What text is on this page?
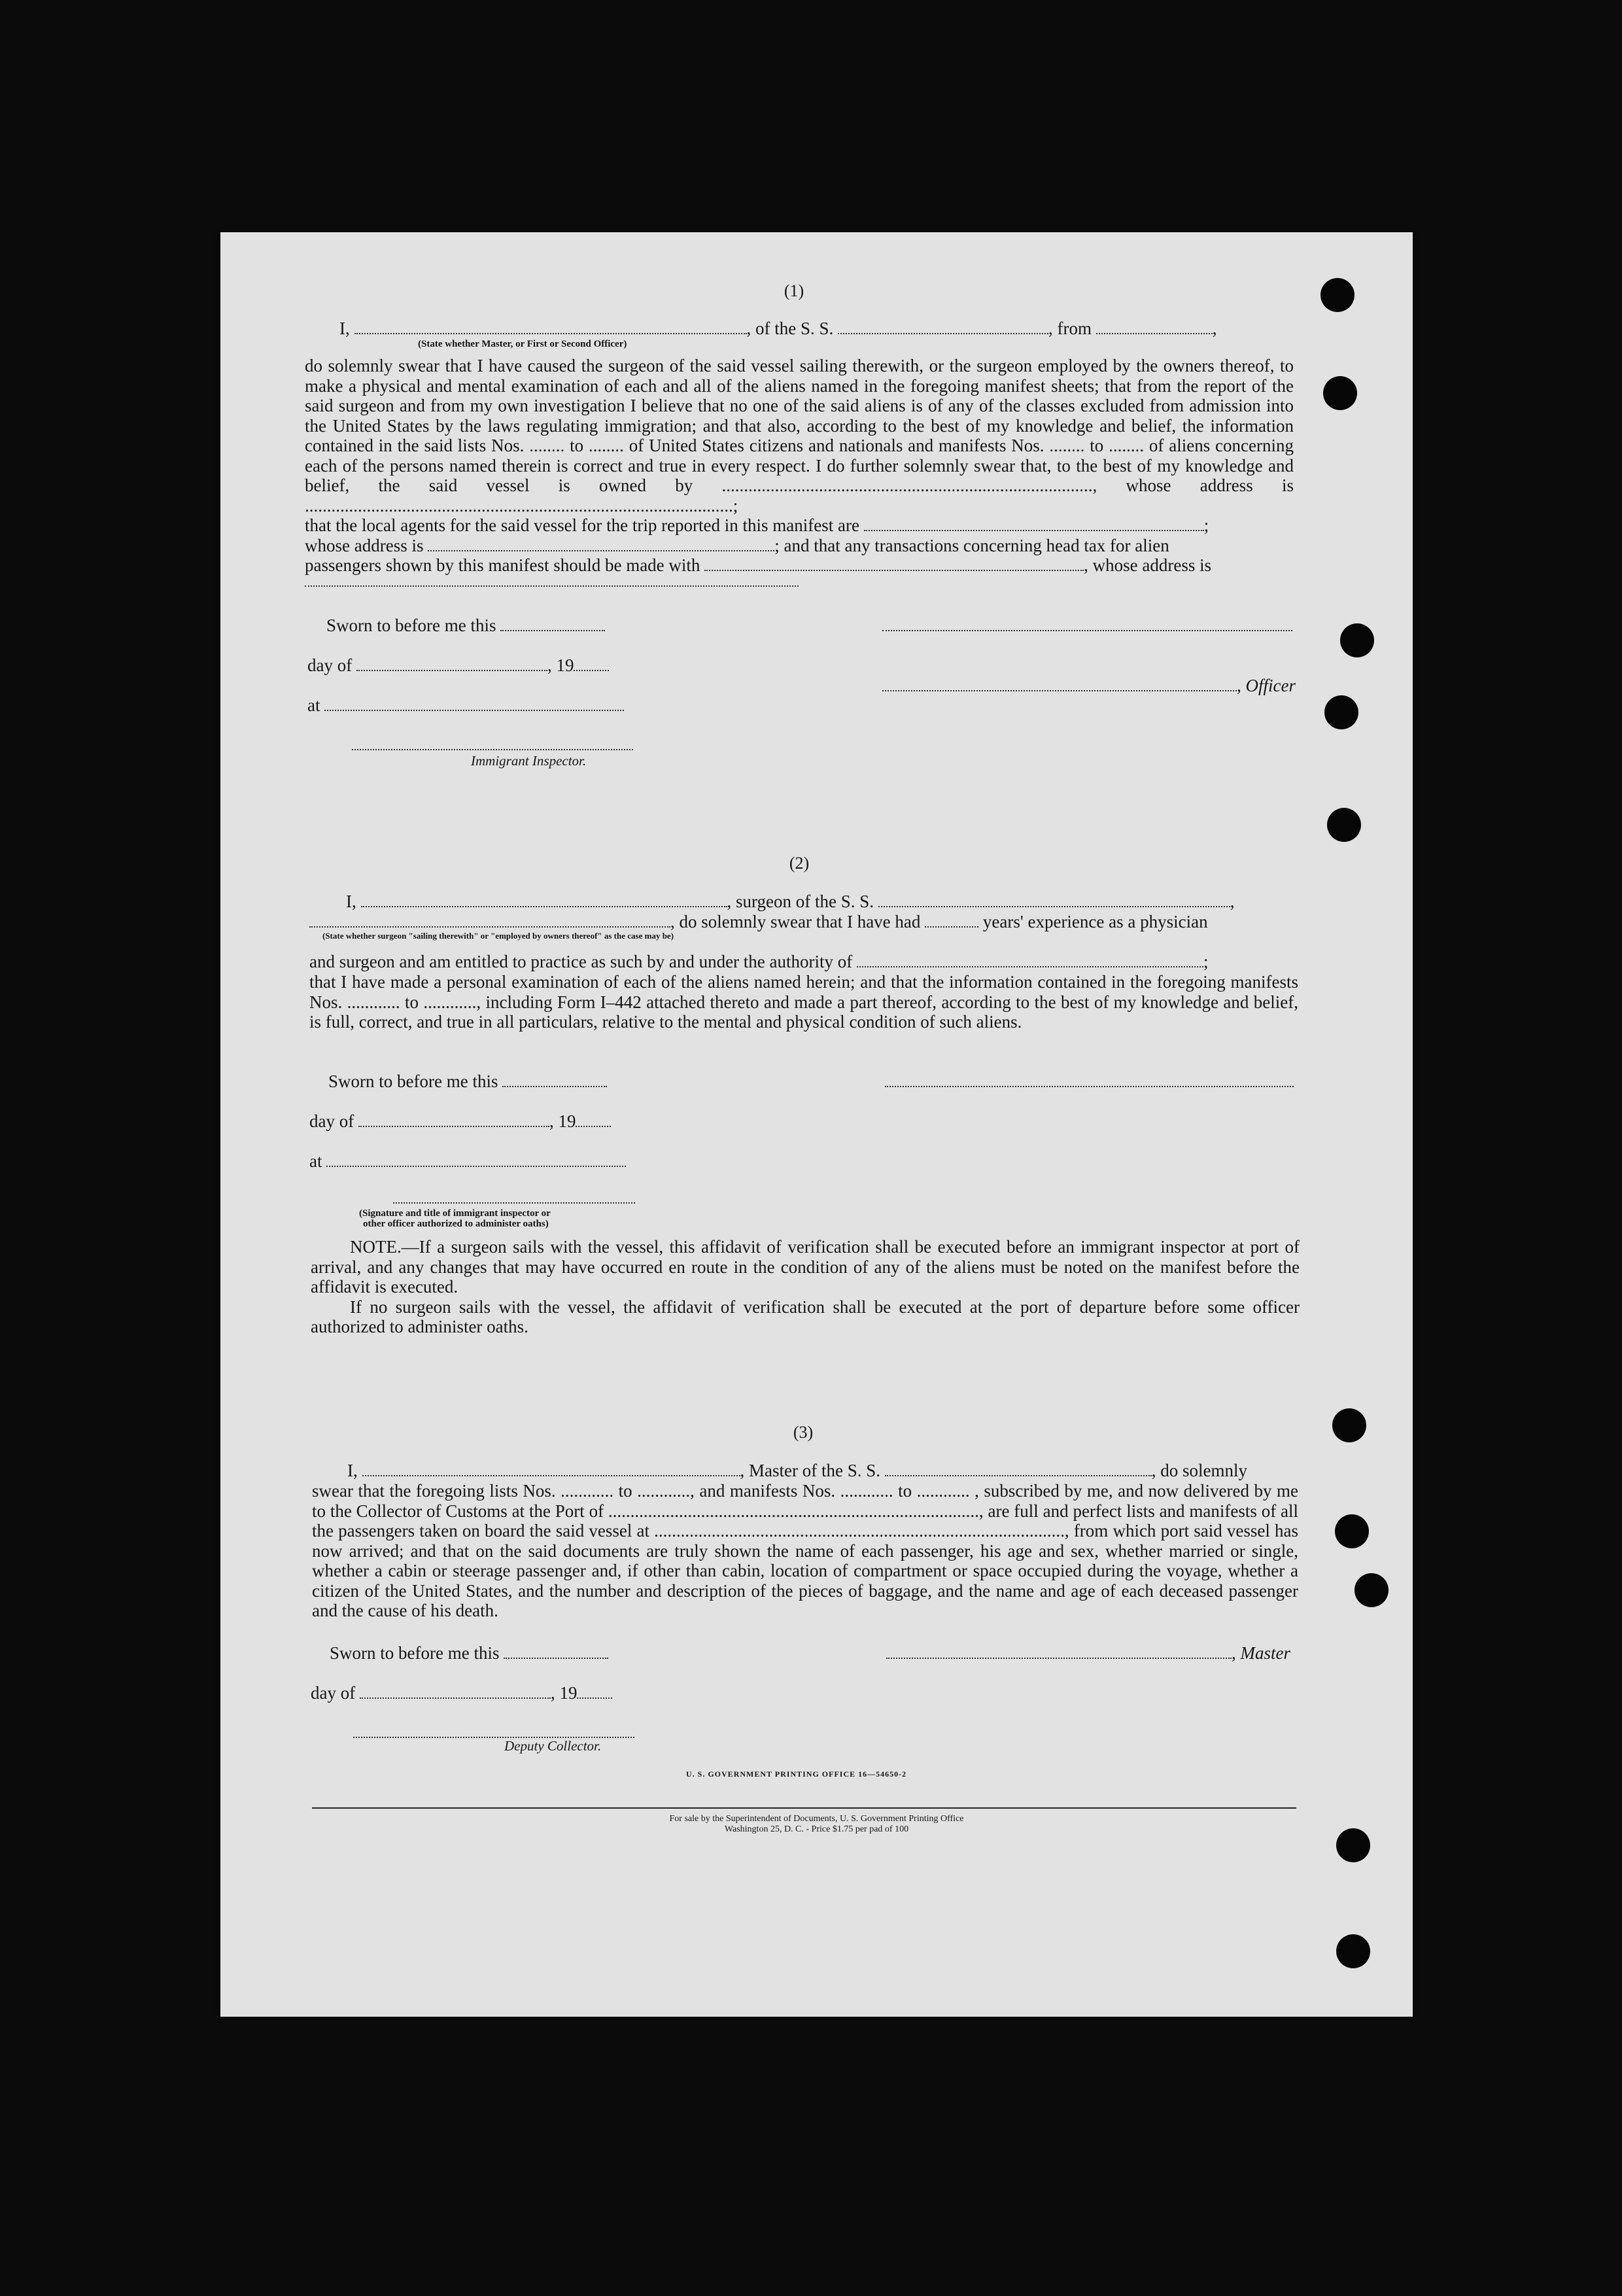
(1)
I,	, of the S. S.	, from	,
(State whether Master, or First or Second Officer)

do solemnly swear that I have caused the surgeon of the said vessel sailing therewith, or the surgeon employed by the owners thereof, to make a physical and mental examination of each and all of the aliens named in the foregoing manifest sheets; that from the report of the said surgeon and from my own investigation I believe that no one of the said aliens is of any of the classes excluded from admission into the United States by the laws regulating immigration; and that also, according to the best of my knowledge and belief, the information contained in the said lists Nos. ........ to ........ of United States citizens and nationals and manifests Nos. ........ to ........ of aliens concerning each of the persons named therein is correct and true in every respect. I do further solemnly swear that, to the best of my knowledge and belief, the said vessel is owned by ...................................................................................., whose address is .................................................................................................;

that the local agents for the said vessel for the trip reported in this manifest are	;
whose address is	; and that any transactions concerning head tax for alien
passengers shown by this manifest should be made with	, whose address is
Sworn to before me this
day of	, 19
, Officer
at
Immigrant Inspector.
(2)
I,	, surgeon of the S. S.	,
, do solemnly swear that I have had	years' experience as a physician
(State whether surgeon "sailing therewith" or "employed by owners thereof" as the case may be)
and surgeon and am entitled to practice as such by and under the authority of	;

that I have made a personal examination of each of the aliens named herein; and that the information contained in the foregoing manifests Nos. ............ to ............, including Form I–442 attached thereto and made a part thereof, according to the best of my knowledge and belief, is full, correct, and true in all particulars, relative to the mental and physical condition of such aliens.

Sworn to before me this
day of	, 19
at
(Signature and title of immigrant inspector or
other officer authorized to administer oaths)

NOTE.—If a surgeon sails with the vessel, this affidavit of verification shall be executed before an immigrant inspector at port of arrival, and any changes that may have occurred en route in the condition of any of the aliens must be noted on the manifest before the affidavit is executed.

If no surgeon sails with the vessel, the affidavit of verification shall be executed at the port of departure before some officer authorized to administer oaths.

(3)
I,	, Master of the S. S.	, do solemnly

swear that the foregoing lists Nos. ............ to ............, and manifests Nos. ............ to ............ , subscribed by me, and now delivered by me to the Collector of Customs at the Port of ...................................................................................., are full and perfect lists and manifests of all the passengers taken on board the said vessel at ............................................................................................., from which port said vessel has now arrived; and that on the said documents are truly shown the name of each passenger, his age and sex, whether married or single, whether a cabin or steerage passenger and, if other than cabin, location of compartment or space occupied during the voyage, whether a citizen of the United States, and the number and description of the pieces of baggage, and the name and age of each deceased passenger and the cause of his death.

Sworn to before me this	, Master
day of	, 19
Deputy Collector.
U. S. GOVERNMENT PRINTING OFFICE 16—54650-2
For sale by the Superintendent of Documents, U. S. Government Printing Office
Washington 25, D. C. - Price $1.75 per pad of 100
